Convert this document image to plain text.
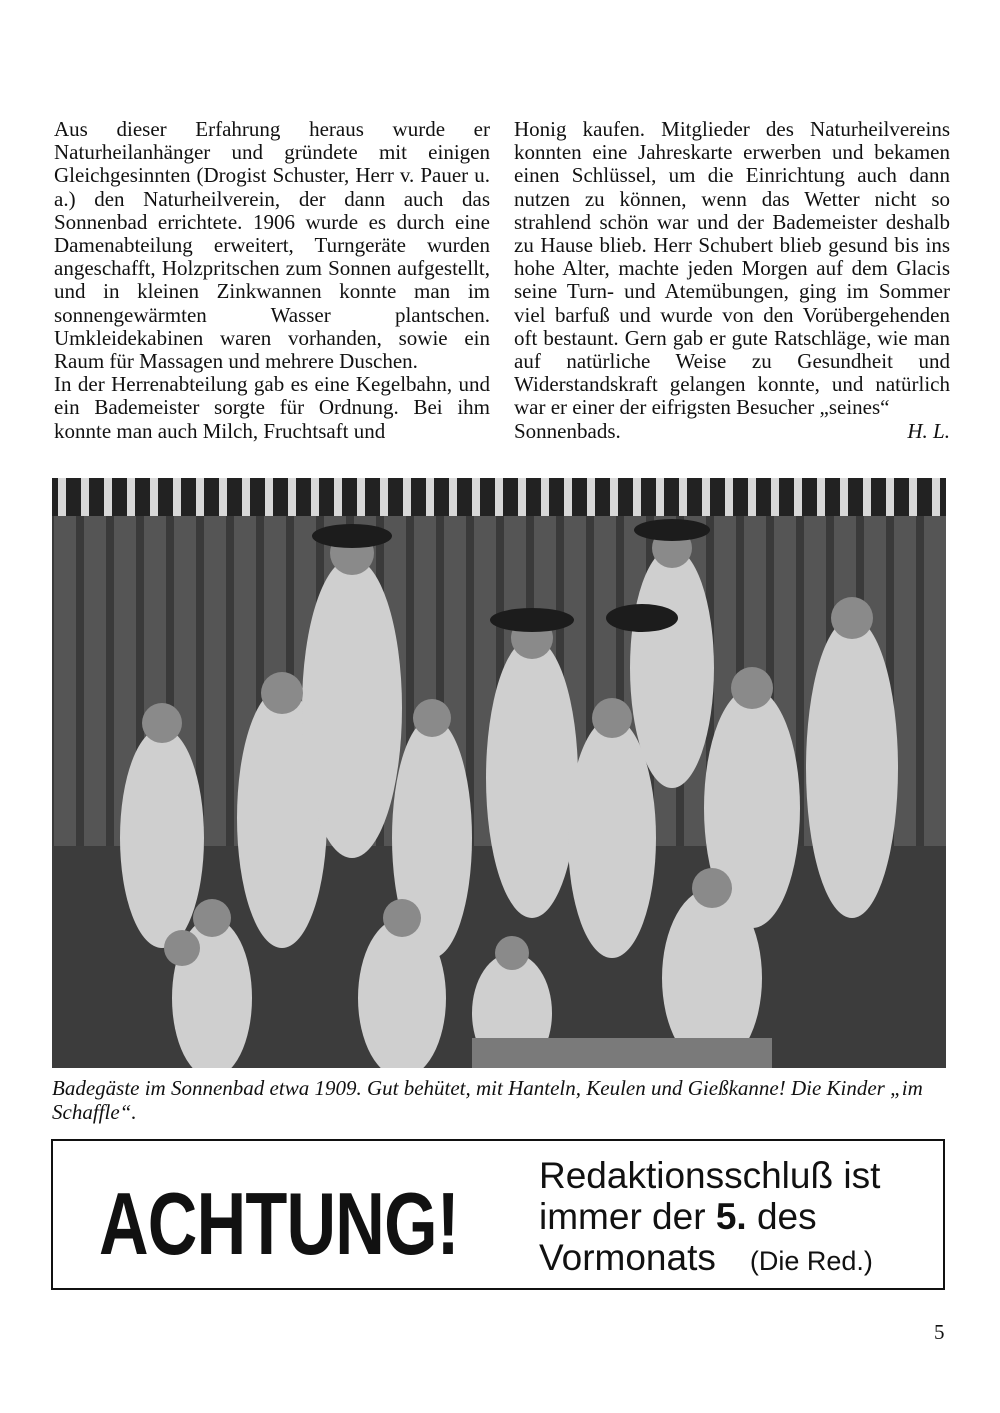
Aus dieser Erfahrung heraus wurde er Naturheilanhänger und gründete mit einigen Gleichgesinnten (Drogist Schuster, Herr v. Pauer u. a.) den Naturheilverein, der dann auch das Sonnenbad errichtete. 1906 wurde es durch eine Damenabteilung erweitert, Turngeräte wurden angeschafft, Holzpritschen zum Sonnen aufgestellt, und in kleinen Zinkwannen konnte man im sonnengewärmten Wasser plantschen. Umkleidekabinen waren vorhanden, sowie ein Raum für Massagen und mehrere Duschen.

In der Herrenabteilung gab es eine Kegelbahn, und ein Bademeister sorgte für Ordnung. Bei ihm konnte man auch Milch, Fruchtsaft und

Honig kaufen. Mitglieder des Naturheilvereins konnten eine Jahreskarte erwerben und bekamen einen Schlüssel, um die Einrichtung auch dann nutzen zu können, wenn das Wetter nicht so strahlend schön war und der Bademeister deshalb zu Hause blieb. Herr Schubert blieb gesund bis ins hohe Alter, machte jeden Morgen auf dem Glacis seine Turn- und Atemübungen, ging im Sommer viel barfuß und wurde von den Vorübergehenden oft bestaunt. Gern gab er gute Ratschläge, wie man auf natürliche Weise zu Gesundheit und Widerstandskraft gelangen konnte, und natürlich war er einer der eifrigsten Besucher „seines“

Sonnenbads.	H. L.

Badegäste im Sonnenbad etwa 1909. Gut behütet, mit Hanteln, Keulen und Gießkanne! Die Kinder „im Schaffle“.

ACHTUNG! Redaktionsschluß ist
immer der 5. des
Vormonats (Die Red.)
5
